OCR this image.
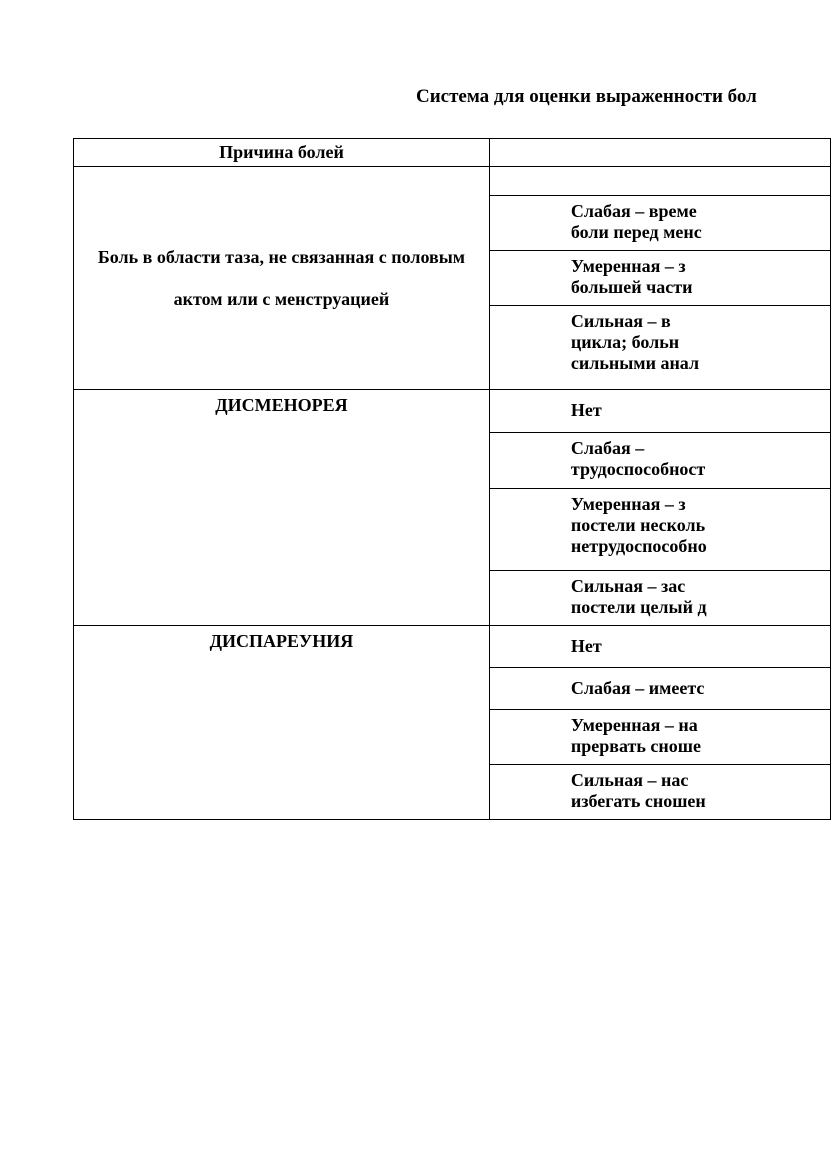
Система для оценки выраженности бол
Причина болей	

Боль в области таза, не связанная с половым актом или с менструацией	

	Слабая – време
боли перед менс

	Умеренная – з
большей части

	Сильная – в
цикла; больн
сильными анал

ДИСМЕНОРЕЯ	Нет

	Слабая –
трудоспособност

	Умеренная – з
постели несколь
нетрудоспособно

	Сильная – зас
постели целый д

ДИСПАРЕУНИЯ	Нет

	Слабая – имеетс

	Умеренная – на
прервать сноше

	Сильная – нас
избегать сношен
